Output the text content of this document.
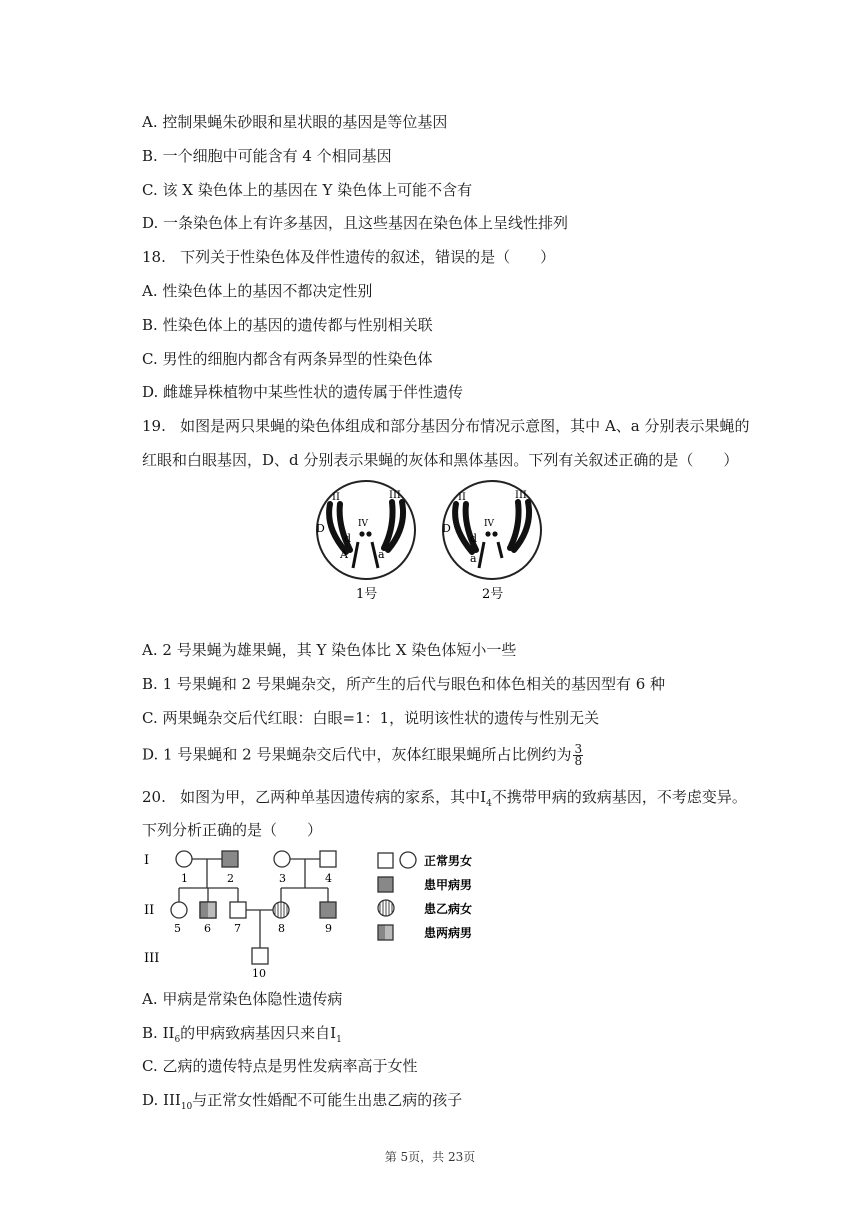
A. 控制果蝇朱砂眼和星状眼的基因是等位基因
B. 一个细胞中可能含有 4 个相同基因
C. 该 X 染色体上的基因在 Y 染色体上可能不含有
D. 一条染色体上有许多基因，且这些基因在染色体上呈线性排列
18. 下列关于性染色体及伴性遗传的叙述，错误的是（　　）
A. 性染色体上的基因不都决定性别
B. 性染色体上的基因的遗传都与性别相关联
C. 男性的细胞内都含有两条异型的性染色体
D. 雌雄异株植物中某些性状的遗传属于伴性遗传
19. 如图是两只果蝇的染色体组成和部分基因分布情况示意图，其中 A、a 分别表示果蝇的
红眼和白眼基因，D、d 分别表示果蝇的灰体和黑体基因。下列有关叙述正确的是（　　）
II	III
IV
D
d
A	a
1号
II	III
IV
D
d
a
2号
A. 2 号果蝇为雄果蝇，其 Y 染色体比 X 染色体短小一些
B. 1 号果蝇和 2 号果蝇杂交，所产生的后代与眼色和体色相关的基因型有 6 种
C. 两果蝇杂交后代红眼：白眼=1：1，说明该性状的遗传与性别无关
D. 1 号果蝇和 2 号果蝇杂交后代中，灰体红眼果蝇所占比例约为 $\frac{3}{8}$
20. 如图为甲，乙两种单基因遗传病的家系，其中$I_4$不携带甲病的致病基因，不考虑变异。
下列分析正确的是（　　）
I
II
III
1	2	3	4
5 6 7	8	9
10
正常男女
患甲病男
患乙病女
患两病男
A. 甲病是常染色体隐性遗传病
B. $II_6$的甲病致病基因只来自$I_1$
C. 乙病的遗传特点是男性发病率高于女性
D. $III_{10}$与正常女性婚配不可能生出患乙病的孩子
第 5页，共 23页
